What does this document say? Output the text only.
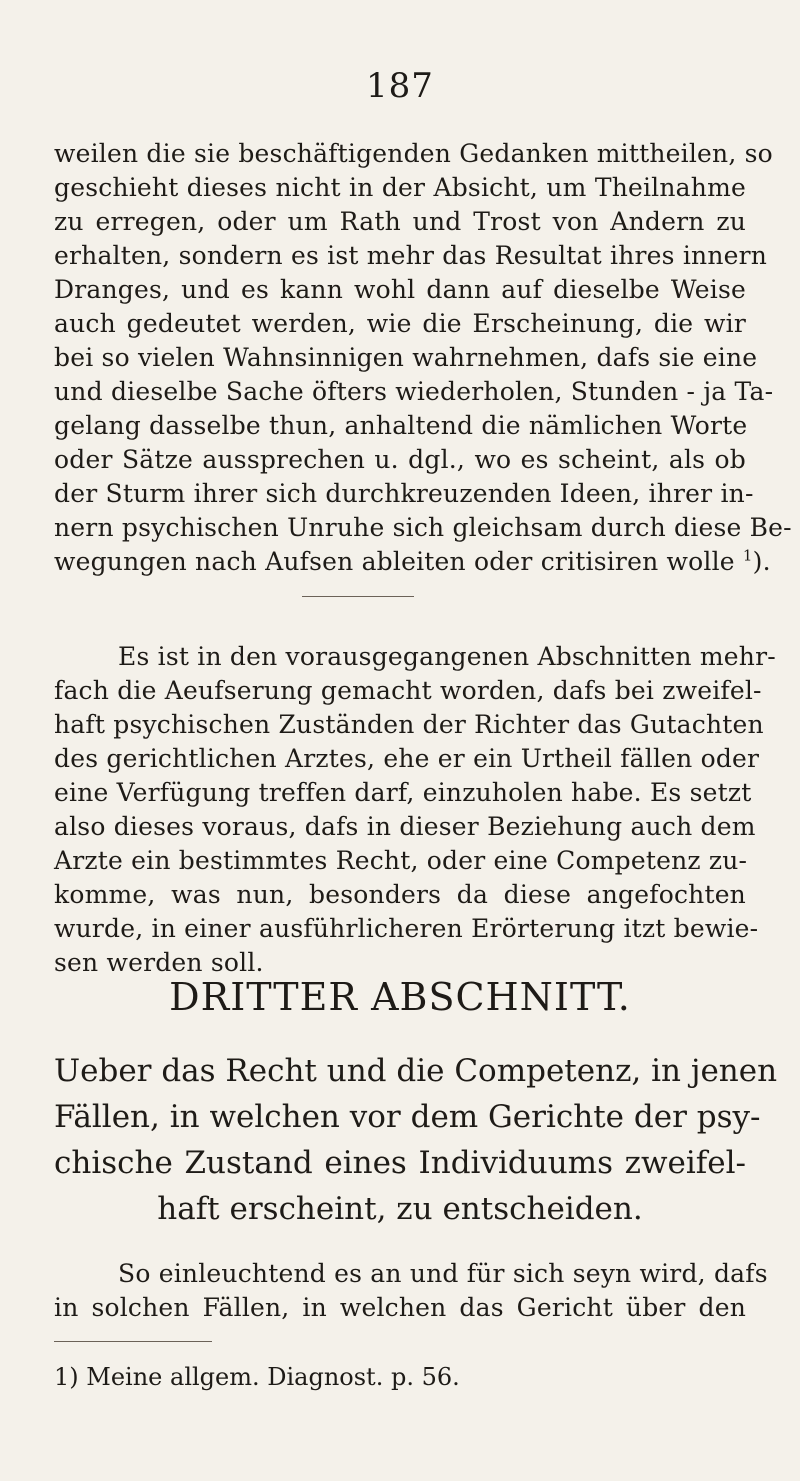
187
weilen die sie beschäftigenden Gedanken mittheilen, so
geschieht dieses nicht in der Absicht, um Theilnahme
zu erregen, oder um Rath und Trost von Andern zu
erhalten, sondern es ist mehr das Resultat ihres innern
Dranges, und es kann wohl dann auf dieselbe Weise
auch gedeutet werden, wie die Erscheinung, die wir
bei so vielen Wahnsinnigen wahrnehmen, dafs sie eine
und dieselbe Sache öfters wiederholen, Stunden - ja Ta-
gelang dasselbe thun, anhaltend die nämlichen Worte
oder Sätze aussprechen u. dgl., wo es scheint, als ob
der Sturm ihrer sich durchkreuzenden Ideen, ihrer in-
nern psychischen Unruhe sich gleichsam durch diese Be-
wegungen nach Aufsen ableiten oder critisiren wolle $^1$).
Es ist in den vorausgegangenen Abschnitten mehr-
fach die Aeufserung gemacht worden, dafs bei zweifel-
haft psychischen Zuständen der Richter das Gutachten
des gerichtlichen Arztes, ehe er ein Urtheil fällen oder
eine Verfügung treffen darf, einzuholen habe. Es setzt
also dieses voraus, dafs in dieser Beziehung auch dem
Arzte ein bestimmtes Recht, oder eine Competenz zu-
komme, was nun, besonders da diese angefochten
wurde, in einer ausführlicheren Erörterung itzt bewie-
sen werden soll.
DRITTER ABSCHNITT.
Ueber das Recht und die Competenz, in jenen
Fällen, in welchen vor dem Gerichte der psy-
chische Zustand eines Individuums zweifel-
haft erscheint, zu entscheiden.
So einleuchtend es an und für sich seyn wird, dafs
in solchen Fällen, in welchen das Gericht über den
1) Meine allgem. Diagnost. p. 56.
